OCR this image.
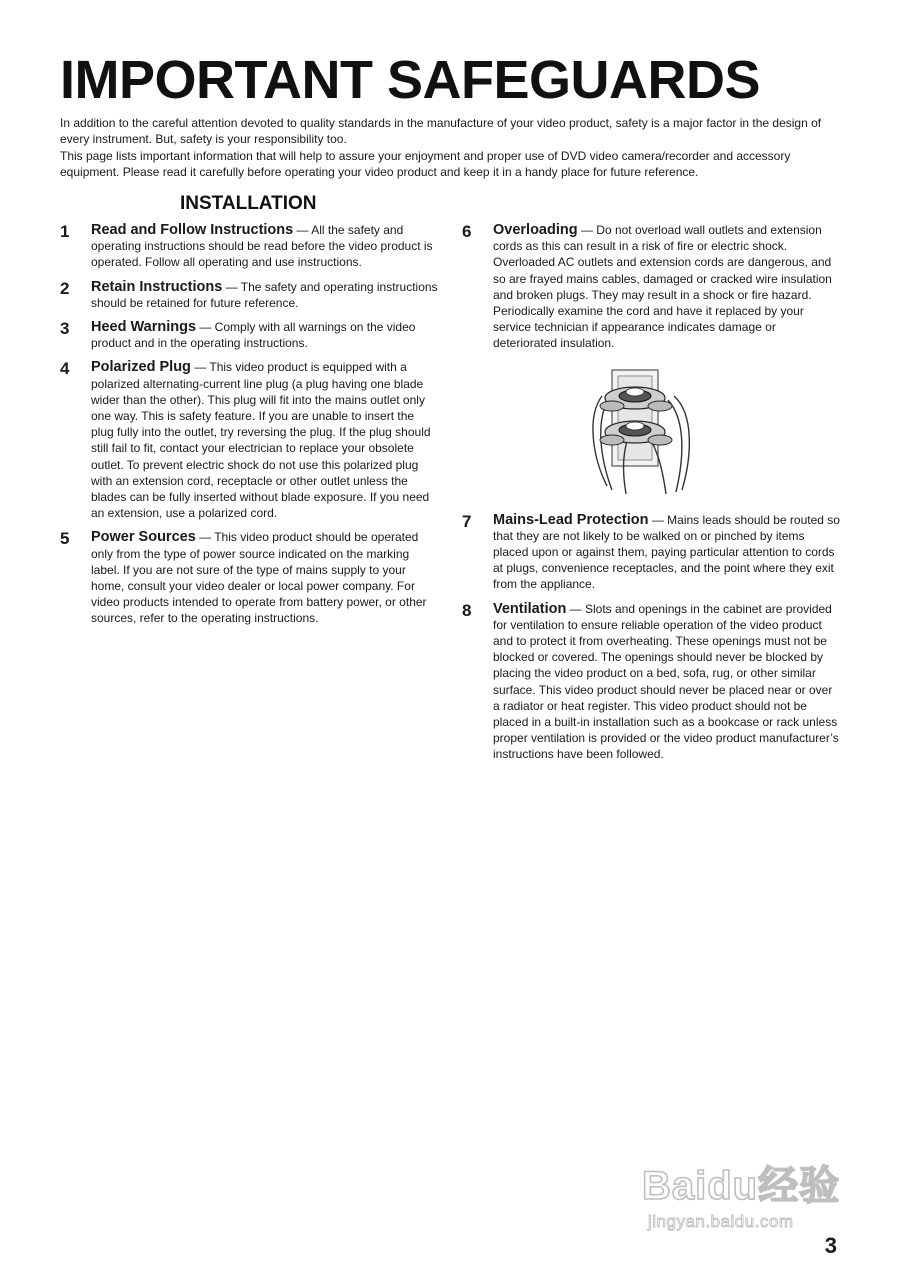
IMPORTANT SAFEGUARDS

In addition to the careful attention devoted to quality standards in the manufacture of your video product, safety is a major factor in the design of every instrument. But, safety is your responsibility too.

This page lists important information that will help to assure your enjoyment and proper use of DVD video camera/recorder and accessory equipment. Please read it carefully before operating your video product and keep it in a handy place for future reference.

INSTALLATION
1 Read and Follow Instructions — All the safety and operating instructions should be read before the video product is operated. Follow all operating and use instructions.
2 Retain Instructions — The safety and operating instructions should be retained for future reference.
3 Heed Warnings — Comply with all warnings on the video product and in the operating instructions.
4 Polarized Plug — This video product is equipped with a polarized alternating-current line plug (a plug having one blade wider than the other). This plug will fit into the mains outlet only one way. This is safety feature. If you are unable to insert the plug fully into the outlet, try reversing the plug. If the plug should still fail to fit, contact your electrician to replace your obsolete outlet. To prevent electric shock do not use this polarized plug with an extension cord, receptacle or other outlet unless the blades can be fully inserted without blade exposure. If you need an extension, use a polarized cord.
5 Power Sources — This video product should be operated only from the type of power source indicated on the marking label. If you are not sure of the type of mains supply to your home, consult your video dealer or local power company. For video products intended to operate from battery power, or other sources, refer to the operating instructions.
6 Overloading — Do not overload wall outlets and extension cords as this can result in a risk of fire or electric shock. Overloaded AC outlets and extension cords are dangerous, and so are frayed mains cables, damaged or cracked wire insulation and broken plugs. They may result in a shock or fire hazard. Periodically examine the cord and have it replaced by your service technician if appearance indicates damage or deteriorated insulation.
7 Mains-Lead Protection — Mains leads should be routed so that they are not likely to be walked on or pinched by items placed upon or against them, paying particular attention to cords at plugs, convenience receptacles, and the point where they exit from the appliance.
8 Ventilation — Slots and openings in the cabinet are provided for ventilation to ensure reliable operation of the video product and to protect it from overheating. These openings must not be blocked or covered. The openings should never be blocked by placing the video product on a bed, sofa, rug, or other similar surface. This video product should never be placed near or over a radiator or heat register. This video product should not be placed in a built-in installation such as a bookcase or rack unless proper ventilation is provided or the video product manufacturer’s instructions have been followed.
Baidu经验
jingyan.baidu.com

3
